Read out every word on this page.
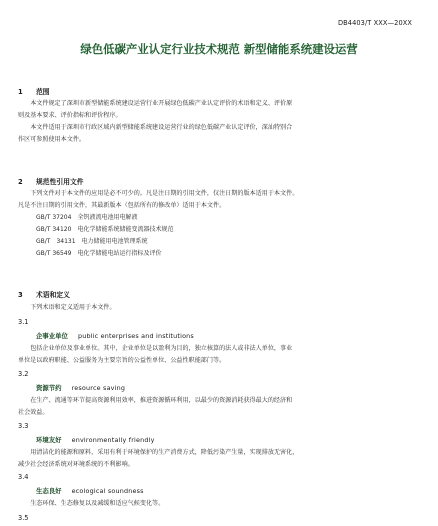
DB4403/T XXX—20XX
绿色低碳产业认定行业技术规范 新型储能系统建设运营
1 范围
本文件规定了深圳市新型储能系统建设运营行业开展绿色低碳产业认定评价的术语和定义、评价原
则及基本要求、评价指标和评价程序。
本文件适用于深圳市行政区域内新型储能系统建设运营行业的绿色低碳产业认定评价，深汕特别合
作区可参照使用本文件。
2 规范性引用文件
下列文件对于本文件的应用是必不可少的。凡是注日期的引用文件，仅注日期的版本适用于本文件。
凡是不注日期的引用文件，其最新版本（包括所有的修改单）适用于本文件。
GB/T 37204　全钒液流电池用电解液
GB/T 34120　电化学储能系统储能变流器技术规范
GB/T　34131　电力储能用电池管理系统
GB/T 36549　电化学储能电站运行指标及评价
3 术语和定义
下列术语和定义适用于本文件。
3.1
企事业单位 public enterprises and institutions
包括企业单位及事业单位。其中，企业单位是以盈利为目的，独立核算的法人或非法人单位，事业
单位是以政府职能、公益服务为主要宗旨的公益性单位、公益性职能部门等。
3.2
资源节约 resource saving
在生产、流通等环节提高资源利用效率，推进资源循环利用，以最少的资源消耗获得最大的经济和
社会效益。
3.3
环境友好 environmentally friendly
用清洁化的能源和原料，采用有利于环境保护的生产消费方式，降低污染产生量，实现排放无害化，
减少社会经济系统对环境系统的不利影响。
3.4
生态良好 ecological soundness
生态环保、生态修复以及减缓和适应气候变化等。
3.5
